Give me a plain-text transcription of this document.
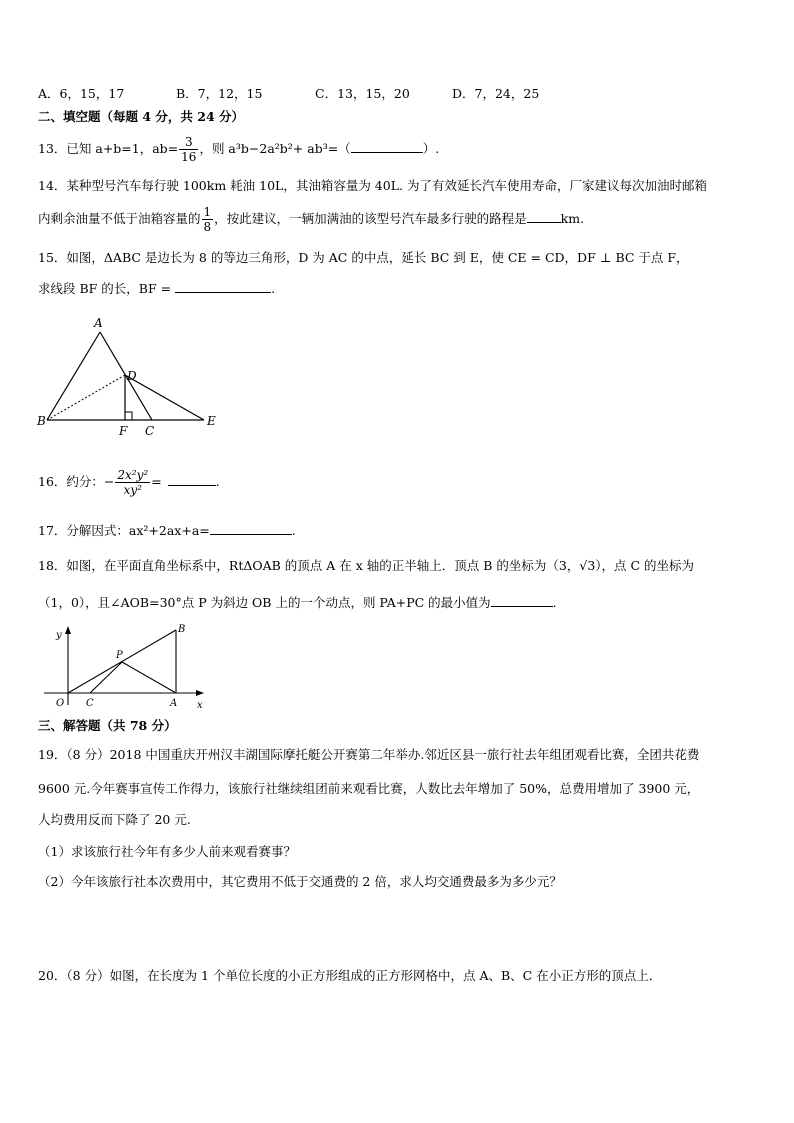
A．6，15，17	B．7，12，15	C．13，15，20	D．7，24，25
二、填空题（每题 4 分，共 24 分）
13．已知 a+b=1，$ab= \frac{3}{16}$ ，则 a³b−2a²b²+ ab³=（	）.
14．某种型号汽车每行驶 100km 耗油 10L，其油箱容量为 40L. 为了有效延长汽车使用寿命，厂家建议每次加油时邮箱
内剩余油量不低于油箱容量的 $\frac{1}{8}$ ，按此建议，一辆加满油的该型号汽车最多行驶的路程是	km.
15．如图，ΔABC 是边长为 8 的等边三角形，D 为 AC 的中点，延长 BC 到 E，使 CE = CD，DF ⊥ BC 于点 F，
求线段 BF 的长，BF =	.
A
B
D
E
F C
16．约分：− $\frac{\text{2x²y²}}{\text{xy²}}$ =	.
17．分解因式：ax²+2ax+a=	.
18．如图，在平面直角坐标系中，RtΔOAB 的顶点 A 在 x 轴的正半轴上．顶点 B 的坐标为（3，√3），点 C 的坐标为
（1，0），且∠AOB=30°点 P 为斜边 OB 上的一个动点，则 PA+PC 的最小值为	.
y
x
O C	A
B
P
三、解答题（共 78 分）
19．（8 分）2018 中国重庆开州汉丰湖国际摩托艇公开赛第二年举办.邻近区县一旅行社去年组团观看比赛，全团共花费
9600 元.今年赛事宣传工作得力，该旅行社继续组团前来观看比赛，人数比去年增加了 50%，总费用增加了 3900 元，
人均费用反而下降了 20 元.
（1）求该旅行社今年有多少人前来观看赛事？
（2）今年该旅行社本次费用中，其它费用不低于交通费的 2 倍，求人均交通费最多为多少元？
20．（8 分）如图，在长度为 1 个单位长度的小正方形组成的正方形网格中，点 A、B、C 在小正方形的顶点上．
